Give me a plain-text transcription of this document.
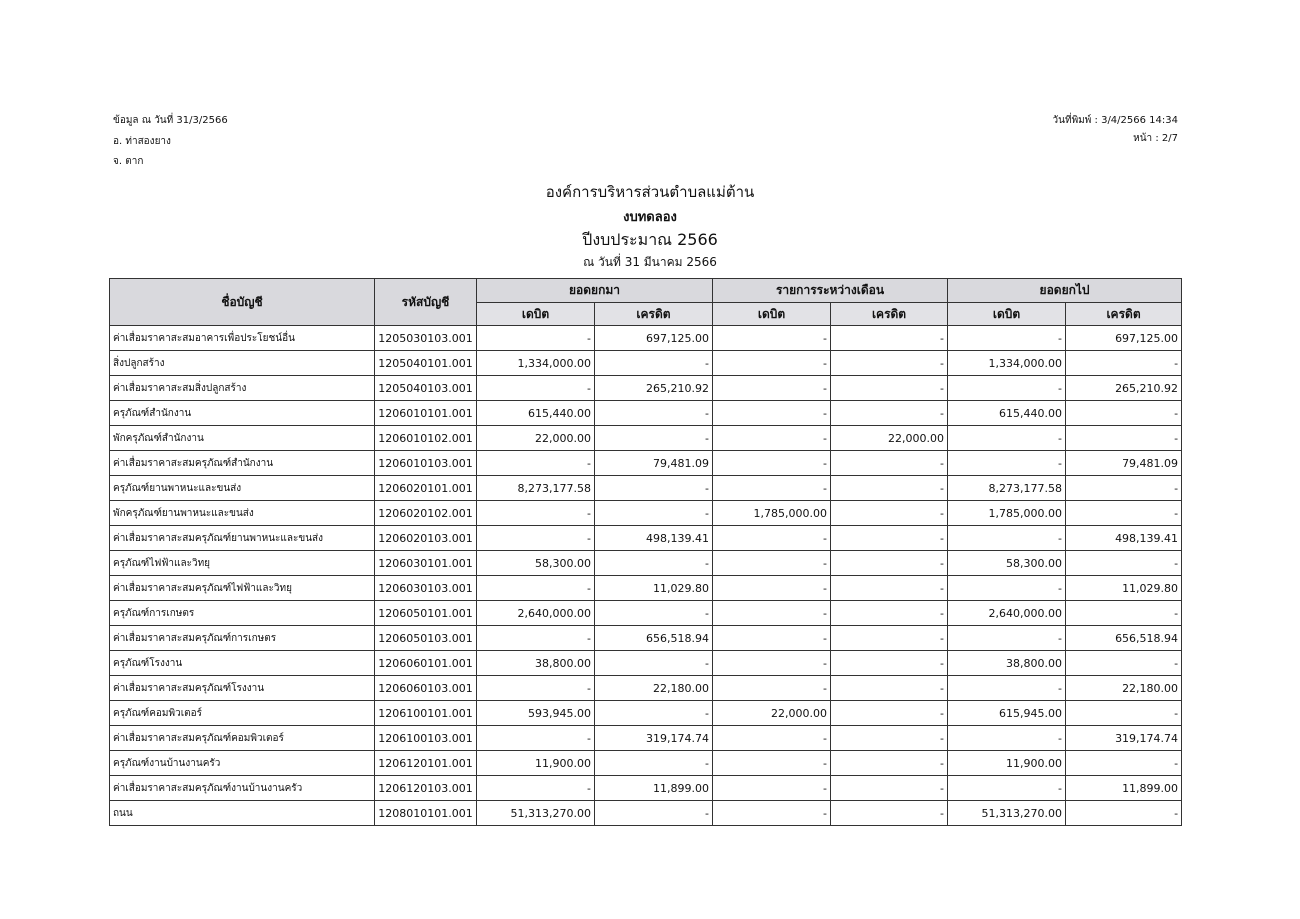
ข้อมูล ณ วันที่ 31/3/2566
อ. ท่าสองยาง
จ. ตาก
วันที่พิมพ์ : 3/4/2566 14:34
หน้า : 2/7
องค์การบริหารส่วนตำบลแม่ต้าน
งบทดลอง
ปีงบประมาณ 2566
ณ วันที่ 31 มีนาคม 2566
ชื่อบัญชี	รหัสบัญชี	ยอดยกมา		รายการระหว่างเดือน		ยอดยกไป	
		เดบิต	เครดิต	เดบิต	เครดิต	เดบิต	เครดิต
ค่าเสื่อมราคาสะสมอาคารเพื่อประโยชน์อื่น	1205030103.001	-	697,125.00	-	-	-	697,125.00
สิ่งปลูกสร้าง	1205040101.001	1,334,000.00	-	-	-	1,334,000.00	-
ค่าเสื่อมราคาสะสมสิ่งปลูกสร้าง	1205040103.001	-	265,210.92	-	-	-	265,210.92
ครุภัณฑ์สำนักงาน	1206010101.001	615,440.00	-	-	-	615,440.00	-
พักครุภัณฑ์สำนักงาน	1206010102.001	22,000.00	-	-	22,000.00	-	-
ค่าเสื่อมราคาสะสมครุภัณฑ์สำนักงาน	1206010103.001	-	79,481.09	-	-	-	79,481.09
ครุภัณฑ์ยานพาหนะและขนส่ง	1206020101.001	8,273,177.58	-	-	-	8,273,177.58	-
พักครุภัณฑ์ยานพาหนะและขนส่ง	1206020102.001	-	-	1,785,000.00	-	1,785,000.00	-
ค่าเสื่อมราคาสะสมครุภัณฑ์ยานพาหนะและขนส่ง	1206020103.001	-	498,139.41	-	-	-	498,139.41
ครุภัณฑ์ไฟฟ้าและวิทยุ	1206030101.001	58,300.00	-	-	-	58,300.00	-
ค่าเสื่อมราคาสะสมครุภัณฑ์ไฟฟ้าและวิทยุ	1206030103.001	-	11,029.80	-	-	-	11,029.80
ครุภัณฑ์การเกษตร	1206050101.001	2,640,000.00	-	-	-	2,640,000.00	-
ค่าเสื่อมราคาสะสมครุภัณฑ์การเกษตร	1206050103.001	-	656,518.94	-	-	-	656,518.94
ครุภัณฑ์โรงงาน	1206060101.001	38,800.00	-	-	-	38,800.00	-
ค่าเสื่อมราคาสะสมครุภัณฑ์โรงงาน	1206060103.001	-	22,180.00	-	-	-	22,180.00
ครุภัณฑ์คอมพิวเตอร์	1206100101.001	593,945.00	-	22,000.00	-	615,945.00	-
ค่าเสื่อมราคาสะสมครุภัณฑ์คอมพิวเตอร์	1206100103.001	-	319,174.74	-	-	-	319,174.74
ครุภัณฑ์งานบ้านงานครัว	1206120101.001	11,900.00	-	-	-	11,900.00	-
ค่าเสื่อมราคาสะสมครุภัณฑ์งานบ้านงานครัว	1206120103.001	-	11,899.00	-	-	-	11,899.00
ถนน	1208010101.001	51,313,270.00	-	-	-	51,313,270.00	-
